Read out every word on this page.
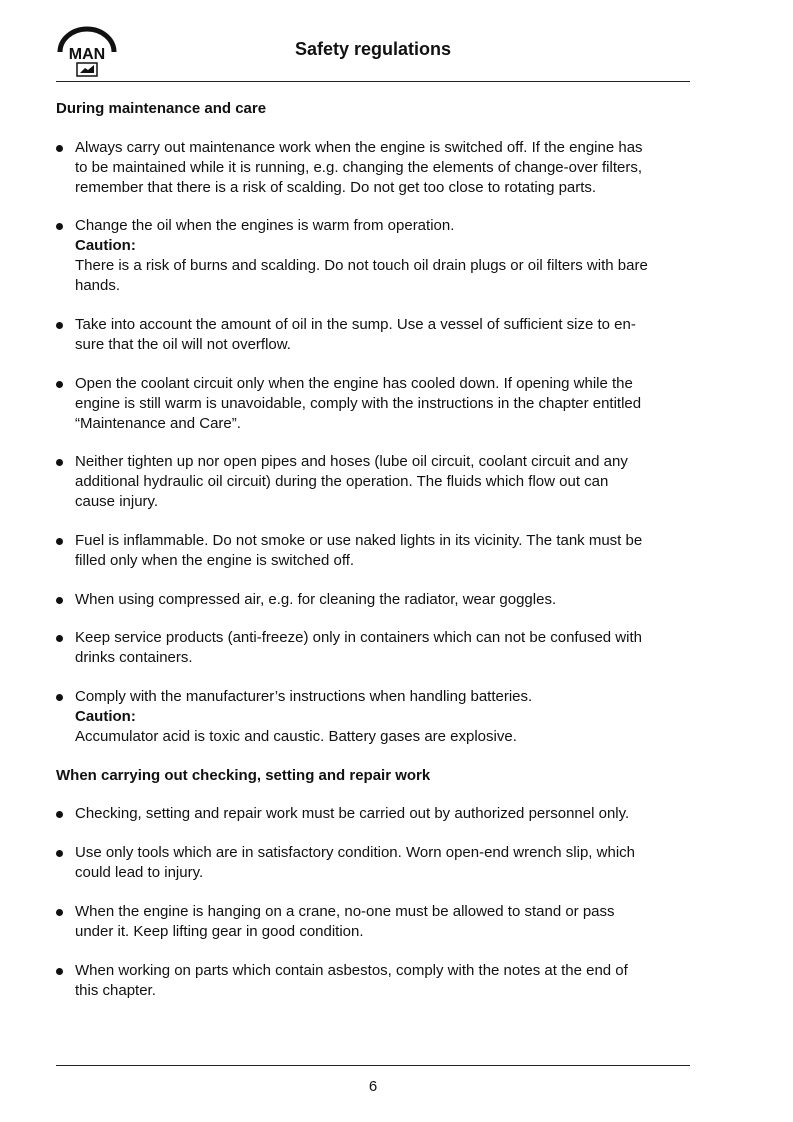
MAN	Safety regulations
During maintenance and care

Always carry out maintenance work when the engine is switched off. If the engine has

to be maintained while it is running, e.g. changing the elements of change-over filters,

remember that there is a risk of scalding. Do not get too close to rotating parts.

Change the oil when the engines is warm from operation.

Caution:

There is a risk of burns and scalding. Do not touch oil drain plugs or oil filters with bare

hands.

Take into account the amount of oil in the sump. Use a vessel of sufficient size to en-

sure that the oil will not overflow.

Open the coolant circuit only when the engine has cooled down. If opening while the

engine is still warm is unavoidable, comply with the instructions in the chapter entitled

“Maintenance and Care”.

Neither tighten up nor open pipes and hoses (lube oil circuit, coolant circuit and any

additional hydraulic oil circuit) during the operation. The fluids which flow out can

cause injury.

Fuel is inflammable. Do not smoke or use naked lights in its vicinity. The tank must be

filled only when the engine is switched off.

When using compressed air, e.g. for cleaning the radiator, wear goggles.

Keep service products (anti-freeze) only in containers which can not be confused with

drinks containers.

Comply with the manufacturer’s instructions when handling batteries.

Caution:

Accumulator acid is toxic and caustic. Battery gases are explosive.

When carrying out checking, setting and repair work

Checking, setting and repair work must be carried out by authorized personnel only.

Use only tools which are in satisfactory condition. Worn open-end wrench slip, which

could lead to injury.

When the engine is hanging on a crane, no-one must be allowed to stand or pass

under it. Keep lifting gear in good condition.

When working on parts which contain asbestos, comply with the notes at the end of

this chapter.

6
